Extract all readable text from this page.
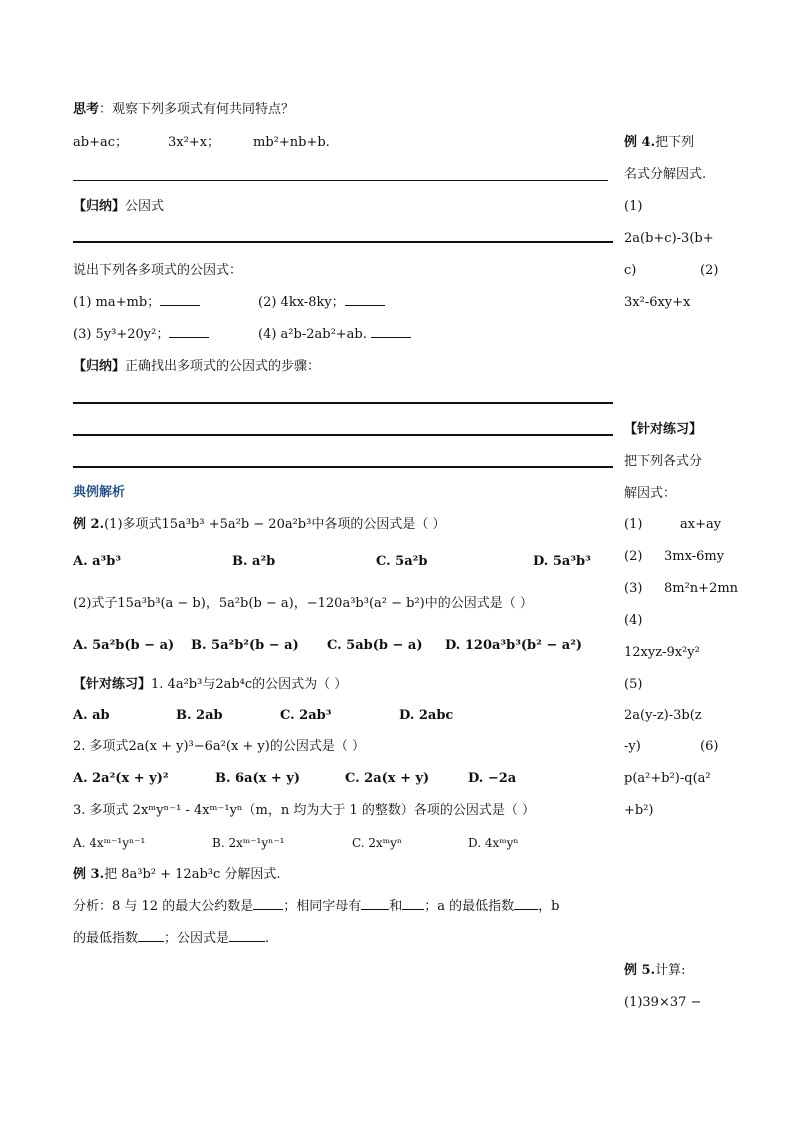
思考：观察下列多项式有何共同特点？
ab+ac；	3x²+x；	mb²+nb+b.
【归纳】公因式
说出下列各多项式的公因式：
(1) ma+mb；	(2) 4kx-8ky；
(3) 5y³+20y²；	(4) a²b-2ab²+ab.
【归纳】正确找出多项式的公因式的步骤：
典例解析
例 2.(1)多项式15a³b³ +5a²b − 20a²b³中各项的公因式是（ ）
A. a³b³	B. a²b	C. 5a²b	D. 5a³b³
(2)式子15a³b³(a − b)，5a²b(b − a)，−120a³b³(a² − b²)中的公因式是（ ）
A. 5a²b(b − a) B. 5a²b²(b − a) C. 5ab(b − a) D. 120a³b³(b² − a²)
【针对练习】1. 4a²b³与2ab⁴c的公因式为（ ）
A. ab	B. 2ab	C. 2ab³	D. 2abc
2. 多项式2a(x + y)³−6a²(x + y)的公因式是（ ）
A. 2a²(x + y)²	B. 6a(x + y)	C. 2a(x + y)	D. −2a
3. 多项式 2xᵐyⁿ⁻¹ - 4xᵐ⁻¹yⁿ（m，n 均为大于 1 的整数）各项的公因式是（ ）
A. 4xᵐ⁻¹yⁿ⁻¹	B. 2xᵐ⁻¹yⁿ⁻¹	C. 2xᵐyⁿ	D. 4xᵐyⁿ
例 3.把 8a³b² + 12ab³c 分解因式.
分析：8 与 12 的最大公约数是 ；相同字母有 和 ；a 的最低指数 ，b
的最低指数 ；公因式是	.
例 4.把下列
名式分解因式.
(1)
2a(b+c)-3(b+
c)	(2)
3x²-6xy+x
【针对练习】
把下列各式分
解因式：
(1)	ax+ay
(2) 3mx-6my
(3) 8m²n+2mn
(4)
12xyz-9x²y²
(5)
2a(y-z)-3b(z
-y)	(6)
p(a²+b²)-q(a²
+b²)
例 5.计算:
(1)39×37 −
